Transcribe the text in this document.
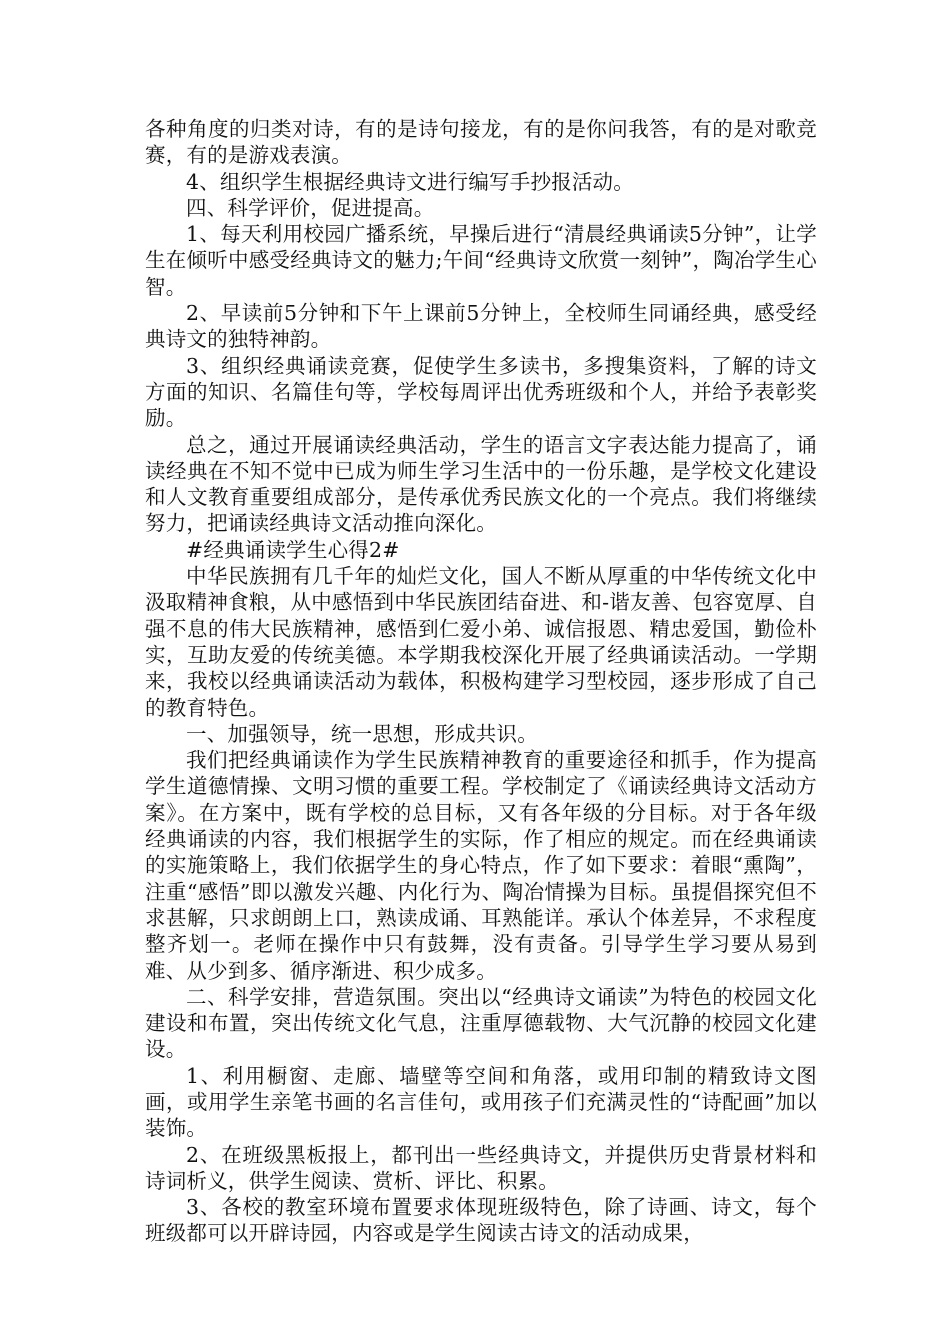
各种角度的归类对诗，有的是诗句接龙，有的是你问我答，有的是对歌竞赛，有的是游戏表演。

4、组织学生根据经典诗文进行编写手抄报活动。

四、科学评价，促进提高。

1、每天利用校园广播系统，早操后进行“清晨经典诵读5分钟”，让学生在倾听中感受经典诗文的魅力;午间“经典诗文欣赏一刻钟”，陶冶学生心智。

2、早读前5分钟和下午上课前5分钟上，全校师生同诵经典，感受经典诗文的独特神韵。

3、组织经典诵读竞赛，促使学生多读书，多搜集资料，了解的诗文方面的知识、名篇佳句等，学校每周评出优秀班级和个人，并给予表彰奖励。

总之，通过开展诵读经典活动，学生的语言文字表达能力提高了，诵读经典在不知不觉中已成为师生学习生活中的一份乐趣，是学校文化建设和人文教育重要组成部分，是传承优秀民族文化的一个亮点。我们将继续努力，把诵读经典诗文活动推向深化。

#经典诵读学生心得2#

中华民族拥有几千年的灿烂文化，国人不断从厚重的中华传统文化中汲取精神食粮，从中感悟到中华民族团结奋进、和-谐友善、包容宽厚、自强不息的伟大民族精神，感悟到仁爱小弟、诚信报恩、精忠爱国，勤俭朴实，互助友爱的传统美德。本学期我校深化开展了经典诵读活动。一学期来，我校以经典诵读活动为载体，积极构建学习型校园，逐步形成了自己的教育特色。

一、加强领导，统一思想，形成共识。

我们把经典诵读作为学生民族精神教育的重要途径和抓手，作为提高学生道德情操、文明习惯的重要工程。学校制定了《诵读经典诗文活动方案》。在方案中，既有学校的总目标，又有各年级的分目标。对于各年级经典诵读的内容，我们根据学生的实际，作了相应的规定。而在经典诵读的实施策略上，我们依据学生的身心特点，作了如下要求：着眼“熏陶”，注重“感悟”即以激发兴趣、内化行为、陶冶情操为目标。虽提倡探究但不求甚解，只求朗朗上口，熟读成诵、耳熟能详。承认个体差异，不求程度整齐划一。老师在操作中只有鼓舞，没有责备。引导学生学习要从易到难、从少到多、循序渐进、积少成多。

二、科学安排，营造氛围。突出以“经典诗文诵读”为特色的校园文化建设和布置，突出传统文化气息，注重厚德载物、大气沉静的校园文化建设。

1、利用橱窗、走廊、墙壁等空间和角落，或用印制的精致诗文图画，或用学生亲笔书画的名言佳句，或用孩子们充满灵性的“诗配画”加以装饰。

2、在班级黑板报上，都刊出一些经典诗文，并提供历史背景材料和诗词析义，供学生阅读、赏析、评比、积累。

3、各校的教室环境布置要求体现班级特色，除了诗画、诗文，每个班级都可以开辟诗园，内容或是学生阅读古诗文的活动成果，
